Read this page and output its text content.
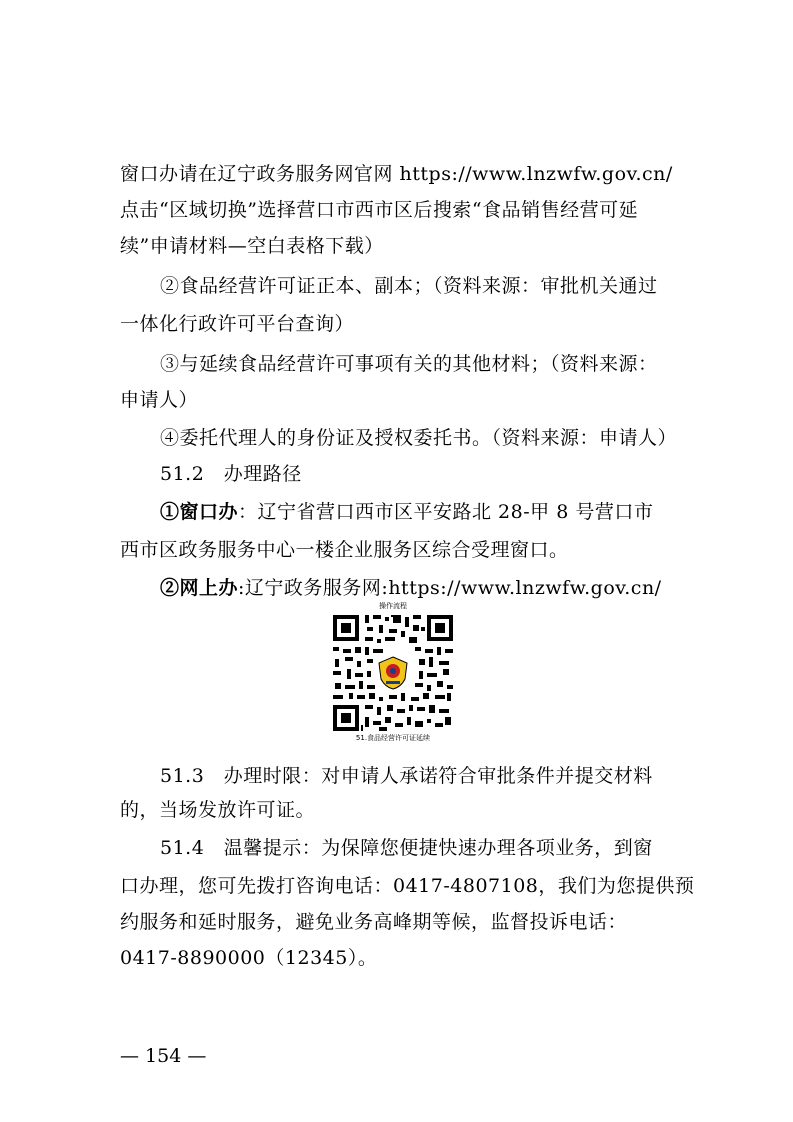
窗口办请在辽宁政务服务网官网 https://www.lnzwfw.gov.cn/
点击“区域切换”选择营口市西市区后搜索“食品销售经营可延
续”申请材料—空白表格下载）
②食品经营许可证正本、副本；（资料来源：审批机关通过
一体化行政许可平台查询）
③与延续食品经营许可事项有关的其他材料；（资料来源：
申请人）
④委托代理人的身份证及授权委托书。（资料来源：申请人）
51.2　办理路径
①窗口办：辽宁省营口西市区平安路北 28-甲 8 号营口市
西市区政务服务中心一楼企业服务区综合受理窗口。
②网上办:辽宁政务服务网:https://www.lnzwfw.gov.cn/
操作流程
51.食品经营许可证延续
51.3　办理时限：对申请人承诺符合审批条件并提交材料
的，当场发放许可证。
51.4　温馨提示：为保障您便捷快速办理各项业务，到窗
口办理，您可先拨打咨询电话：0417-4807108，我们为您提供预
约服务和延时服务，避免业务高峰期等候，监督投诉电话：
0417-8890000（12345）。
— 154 —
